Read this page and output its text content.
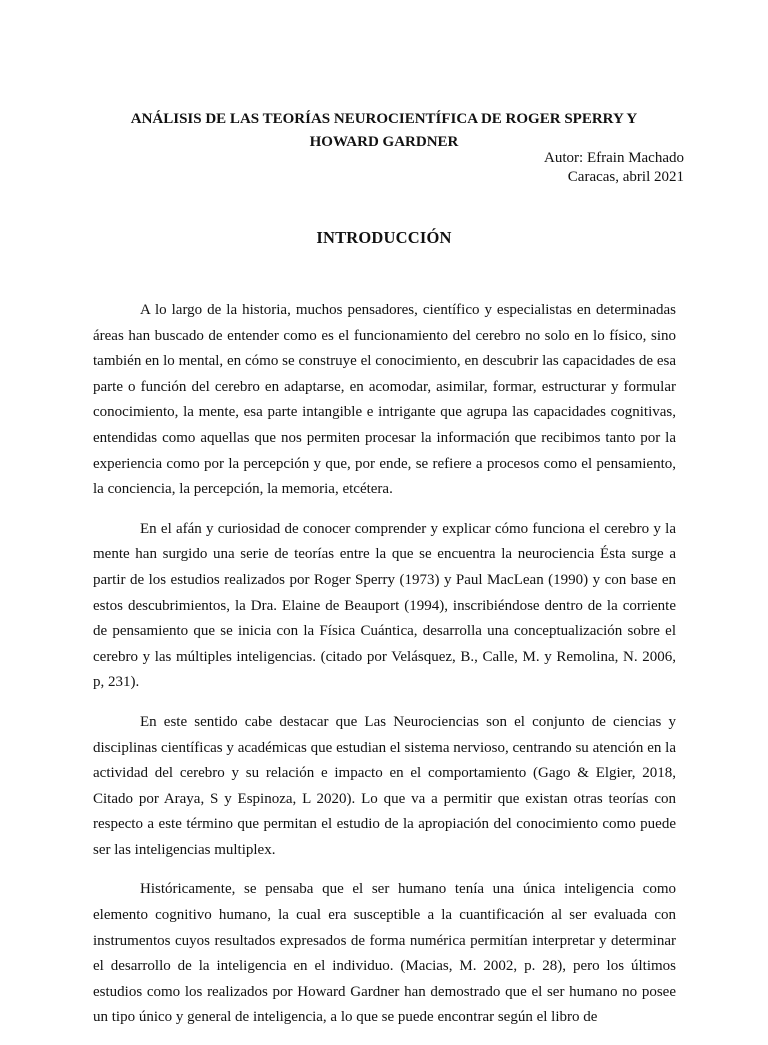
ANÁLISIS DE LAS TEORÍAS NEUROCIENTÍFICA DE ROGER SPERRY Y
HOWARD GARDNER
Autor: Efrain Machado
Caracas, abril 2021
INTRODUCCIÓN

A lo largo de la historia, muchos pensadores, científico y especialistas en determinadas áreas han buscado de entender como es el funcionamiento del cerebro no solo en lo físico, sino también en lo mental, en cómo se construye el conocimiento, en descubrir las capacidades de esa parte o función del cerebro en adaptarse, en acomodar, asimilar, formar, estructurar y formular conocimiento, la mente, esa parte intangible e intrigante que agrupa las capacidades cognitivas, entendidas como aquellas que nos permiten procesar la información que recibimos tanto por la experiencia como por la percepción y que, por ende, se refiere a procesos como el pensamiento, la conciencia, la percepción, la memoria, etcétera.

En el afán y curiosidad de conocer comprender y explicar cómo funciona el cerebro y la mente han surgido una serie de teorías entre la que se encuentra la neurociencia Ésta surge a partir de los estudios realizados por Roger Sperry (1973) y Paul MacLean (1990) y con base en estos descubrimientos, la Dra. Elaine de Beauport (1994), inscribiéndose dentro de la corriente de pensamiento que se inicia con la Física Cuántica, desarrolla una conceptualización sobre el cerebro y las múltiples inteligencias. (citado por Velásquez, B., Calle, M. y Remolina, N. 2006, p, 231).

En este sentido cabe destacar que Las Neurociencias son el conjunto de ciencias y disciplinas científicas y académicas que estudian el sistema nervioso, centrando su atención en la actividad del cerebro y su relación e impacto en el comportamiento (Gago & Elgier, 2018, Citado por Araya, S y Espinoza, L 2020). Lo que va a permitir que existan otras teorías con respecto a este término que permitan el estudio de la apropiación del conocimiento como puede ser las inteligencias multiplex.

Históricamente, se pensaba que el ser humano tenía una única inteligencia como elemento cognitivo humano, la cual era susceptible a la cuantificación al ser evaluada con instrumentos cuyos resultados expresados de forma numérica permitían interpretar y determinar el desarrollo de la inteligencia en el individuo. (Macias, M. 2002, p. 28), pero los últimos estudios como los realizados por Howard Gardner han demostrado que el ser humano no posee un tipo único y general de inteligencia, a lo que se puede encontrar según el libro de
